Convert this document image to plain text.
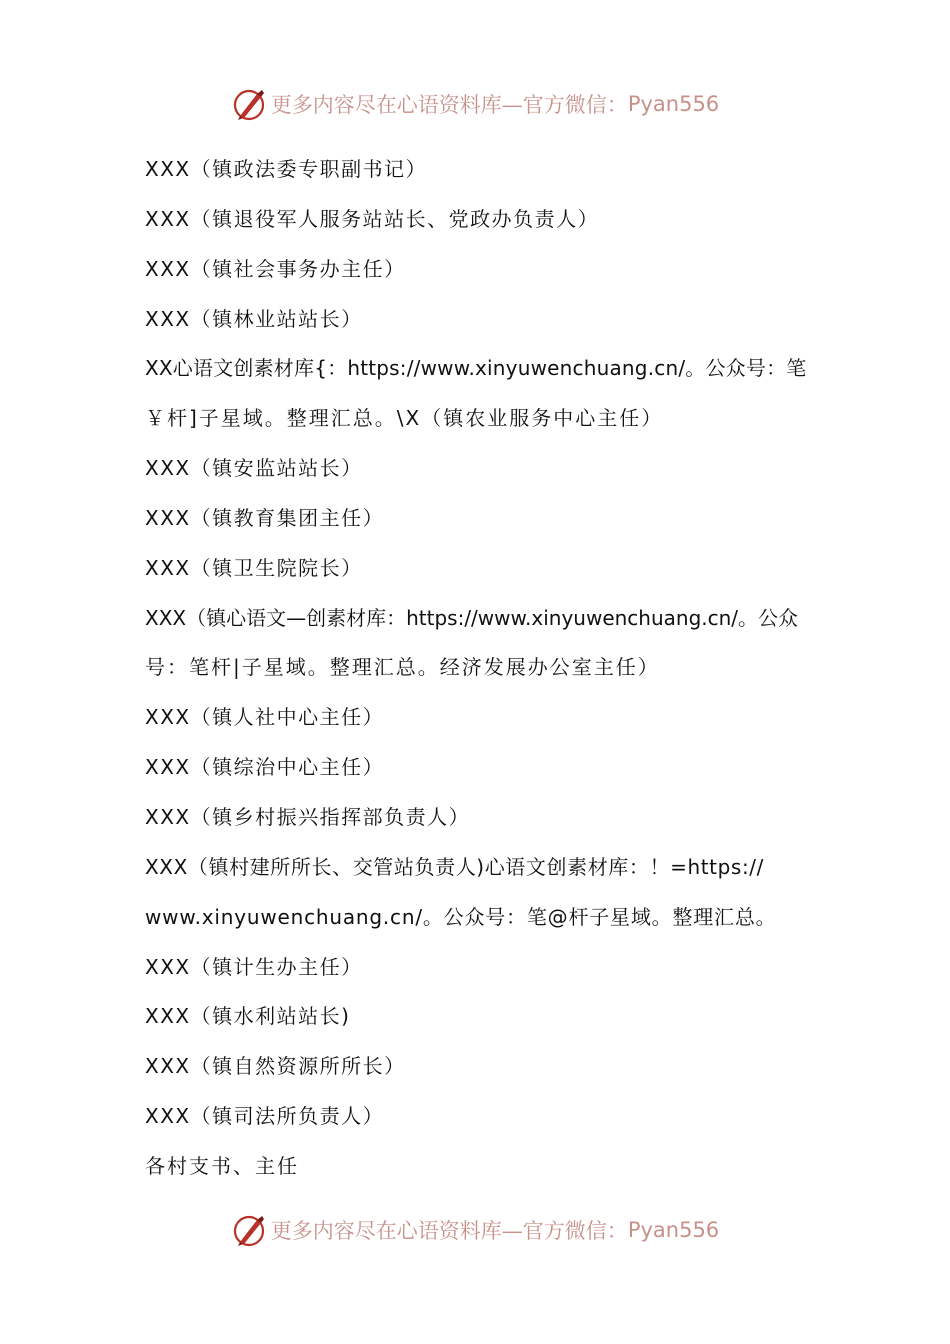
更多内容尽在心语资料库—官方微信： Pyan556
XXX（镇政法委专职副书记）
XXX（镇退役军人服务站站长、党政办负责人）
XXX（镇社会事务办主任）
XXX（镇林业站站长）
XX心语文创素材库{：https://www.xinyuwenchuang.cn/。公众号：笔
￥杆]子星域。整理汇总。\X（镇农业服务中心主任）
XXX（镇安监站站长）
XXX（镇教育集团主任）
XXX（镇卫生院院长）
XXX（镇心语文—创素材库：https://www.xinyuwenchuang.cn/。公众
号：笔杆|子星域。整理汇总。经济发展办公室主任）
XXX（镇人社中心主任）
XXX（镇综治中心主任）
XXX（镇乡村振兴指挥部负责人）
XXX（镇村建所所长、交管站负责人)心语文创素材库：！=https://
www.xinyuwenchuang.cn/。公众号：笔@杆子星域。整理汇总。
XXX（镇计生办主任）
XXX（镇水利站站长)
XXX（镇自然资源所所长）
XXX（镇司法所负责人）
各村支书、主任
更多内容尽在心语资料库—官方微信： Pyan556
